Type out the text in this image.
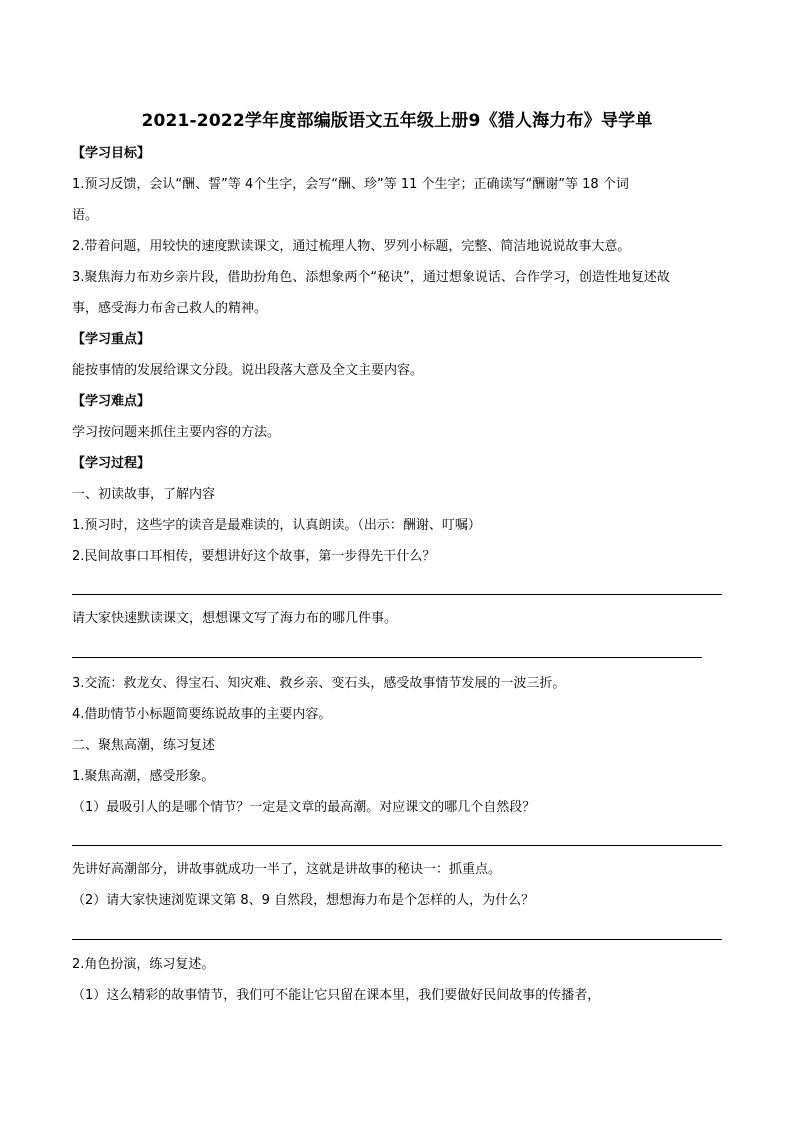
2021-2022学年度部编版语文五年级上册9《猎人海力布》导学单
【学习目标】
1.预习反馈，会认“酬、誓”等 4个生字，会写“酬、珍”等 11 个生字；正确读写“酬谢”等 18 个词
语。
2.带着问题，用较快的速度默读课文，通过梳理人物、罗列小标题，完整、简洁地说说故事大意。
3.聚焦海力布劝乡亲片段，借助扮角色、添想象两个“秘诀”，通过想象说话、合作学习，创造性地复述故
事，感受海力布舍己救人的精神。
【学习重点】
能按事情的发展给课文分段。说出段落大意及全文主要内容。
【学习难点】
学习按问题来抓住主要内容的方法。
【学习过程】
一、初读故事，了解内容
1.预习时，这些字的读音是最难读的，认真朗读。（出示：酬谢、叮嘱）
2.民间故事口耳相传，要想讲好这个故事，第一步得先干什么？
请大家快速默读课文，想想课文写了海力布的哪几件事。
3.交流：救龙女、得宝石、知灾难、救乡亲、变石头，感受故事情节发展的一波三折。
4.借助情节小标题简要练说故事的主要内容。
二、聚焦高潮，练习复述
1.聚焦高潮，感受形象。
（1）最吸引人的是哪个情节？一定是文章的最高潮。对应课文的哪几个自然段？
先讲好高潮部分，讲故事就成功一半了，这就是讲故事的秘诀一：抓重点。
（2）请大家快速浏览课文第 8、9 自然段，想想海力布是个怎样的人，为什么？
2.角色扮演，练习复述。
（1）这么精彩的故事情节，我们可不能让它只留在课本里，我们要做好民间故事的传播者，
